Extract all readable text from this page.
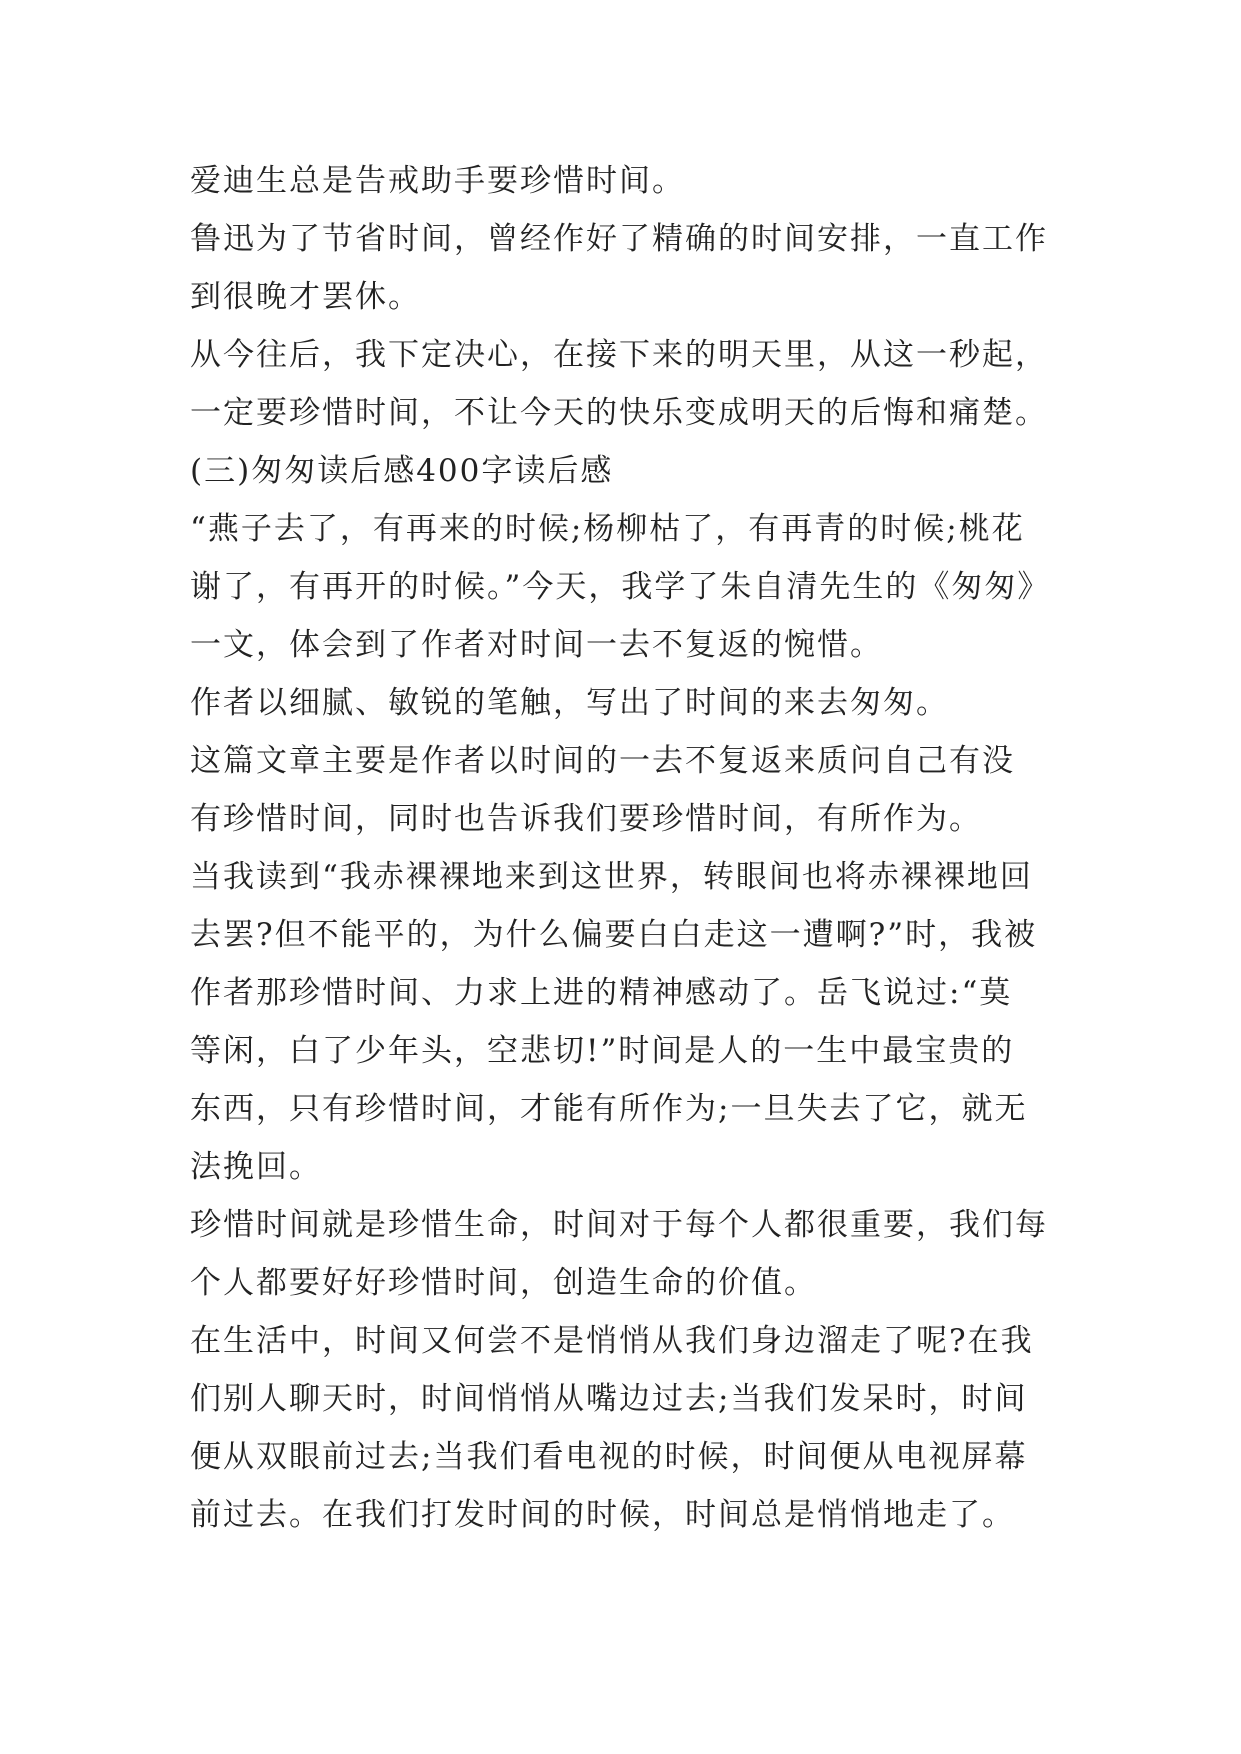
爱迪生总是告戒助手要珍惜时间。
鲁迅为了节省时间，曾经作好了精确的时间安排，一直工作
到很晚才罢休。
从今往后，我下定决心，在接下来的明天里，从这一秒起，
一定要珍惜时间，不让今天的快乐变成明天的后悔和痛楚。
(三)匆匆读后感400字读后感
“燕子去了，有再来的时候;杨柳枯了，有再青的时候;桃花
谢了，有再开的时候。”今天，我学了朱自清先生的《匆匆》
一文，体会到了作者对时间一去不复返的惋惜。
作者以细腻、敏锐的笔触，写出了时间的来去匆匆。
这篇文章主要是作者以时间的一去不复返来质问自己有没
有珍惜时间，同时也告诉我们要珍惜时间，有所作为。
当我读到“我赤裸裸地来到这世界，转眼间也将赤裸裸地回
去罢?但不能平的，为什么偏要白白走这一遭啊?”时，我被
作者那珍惜时间、力求上进的精神感动了。岳飞说过:“莫
等闲，白了少年头，空悲切!”时间是人的一生中最宝贵的
东西，只有珍惜时间，才能有所作为;一旦失去了它，就无
法挽回。
珍惜时间就是珍惜生命，时间对于每个人都很重要，我们每
个人都要好好珍惜时间，创造生命的价值。
在生活中，时间又何尝不是悄悄从我们身边溜走了呢?在我
们别人聊天时，时间悄悄从嘴边过去;当我们发呆时，时间
便从双眼前过去;当我们看电视的时候，时间便从电视屏幕
前过去。在我们打发时间的时候，时间总是悄悄地走了。
